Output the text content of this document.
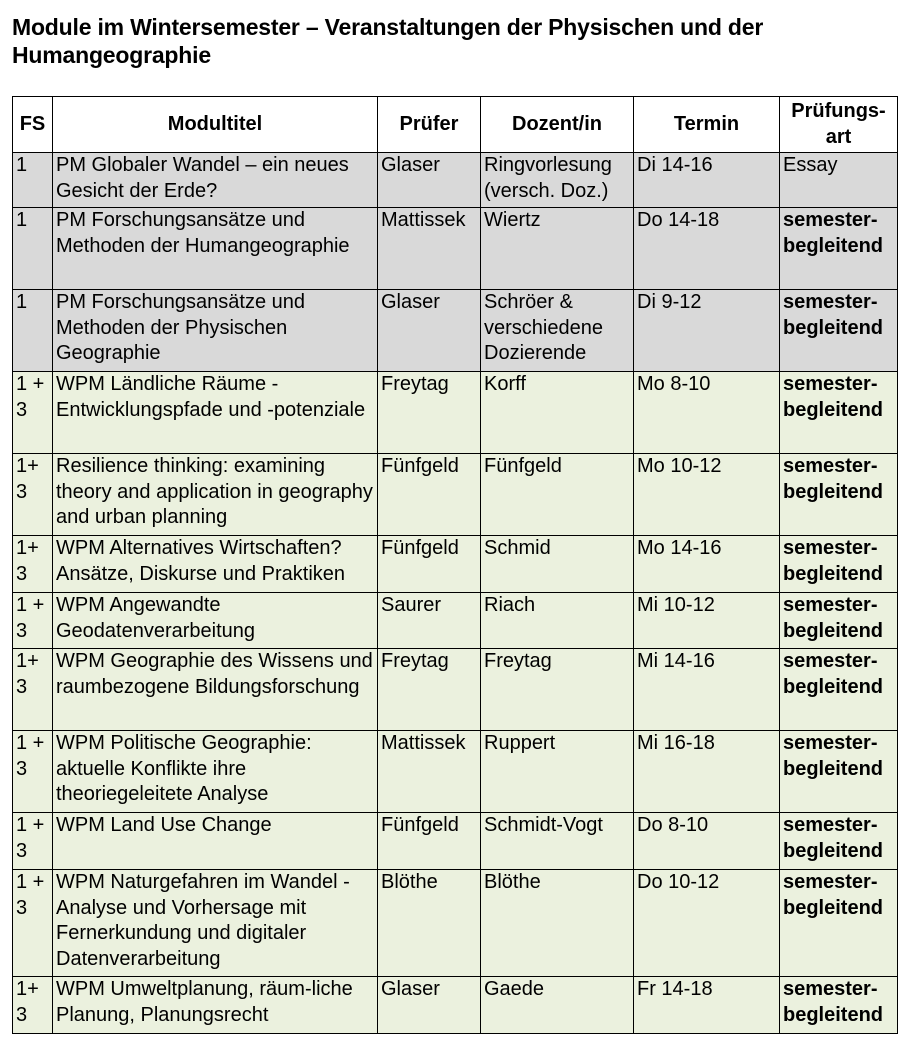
Module im Wintersemester – Veranstaltungen der Physischen und der Humangeographie
FS	Modultitel	Prüfer	Dozent/in	Termin	Prüfungs-art
1	PM Globaler Wandel – ein neues Gesicht der Erde?	Glaser	Ringvorlesung (versch. Doz.)	Di 14-16	Essay
1	PM Forschungsansätze und Methoden der Humangeographie	Mattissek	Wiertz	Do 14-18	semester-begleitend
1	PM Forschungsansätze und Methoden der Physischen Geographie	Glaser	Schröer & verschiedene Dozierende	Di 9-12	semester-begleitend
1 + 3	WPM Ländliche Räume - Entwicklungspfade und -potenziale	Freytag	Korff	Mo 8-10	semester-begleitend
1+ 3	Resilience thinking: examining theory and application in geography and urban planning	Fünfgeld	Fünfgeld	Mo 10-12	semester-begleitend
1+ 3	WPM Alternatives Wirtschaften? Ansätze, Diskurse und Praktiken	Fünfgeld	Schmid	Mo 14-16	semester-begleitend
1 + 3	WPM Angewandte Geodatenverarbeitung	Saurer	Riach	Mi 10-12	semester-begleitend
1+ 3	WPM Geographie des Wissens und raumbezogene Bildungsforschung	Freytag	Freytag	Mi 14-16	semester-begleitend
1 + 3	WPM Politische Geographie: aktuelle Konflikte ihre theoriegeleitete Analyse	Mattissek	Ruppert	Mi 16-18	semester-begleitend
1 + 3	WPM Land Use Change	Fünfgeld	Schmidt-Vogt	Do 8-10	semester-begleitend
1 + 3	WPM Naturgefahren im Wandel - Analyse und Vorhersage mit Fernerkundung und digitaler Datenverarbeitung	Blöthe	Blöthe	Do 10-12	semester-begleitend
1+ 3	WPM Umweltplanung, räum-liche Planung, Planungsrecht	Glaser	Gaede	Fr 14-18	semester-begleitend
